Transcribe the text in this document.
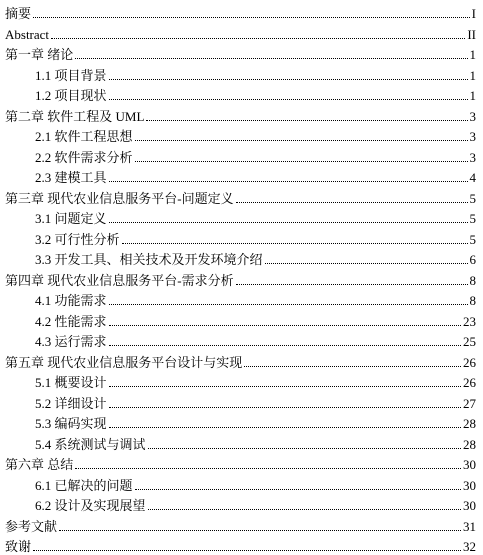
摘要	I
Abstract	II
第一章 绪论	1
1.1 项目背景	1
1.2 项目现状	1
第二章 软件工程及 UML	3
2.1 软件工程思想	3
2.2 软件需求分析	3
2.3 建模工具	4
第三章 现代农业信息服务平台-问题定义	5
3.1 问题定义	5
3.2 可行性分析	5
3.3 开发工具、相关技术及开发环境介绍	6
第四章 现代农业信息服务平台-需求分析	8
4.1 功能需求	8
4.2 性能需求	23
4.3 运行需求	25
第五章 现代农业信息服务平台设计与实现	26
5.1 概要设计	26
5.2 详细设计	27
5.3 编码实现	28
5.4 系统测试与调试	28
第六章 总结	30
6.1 已解决的问题	30
6.2 设计及实现展望	30
参考文献	31
致谢	32
